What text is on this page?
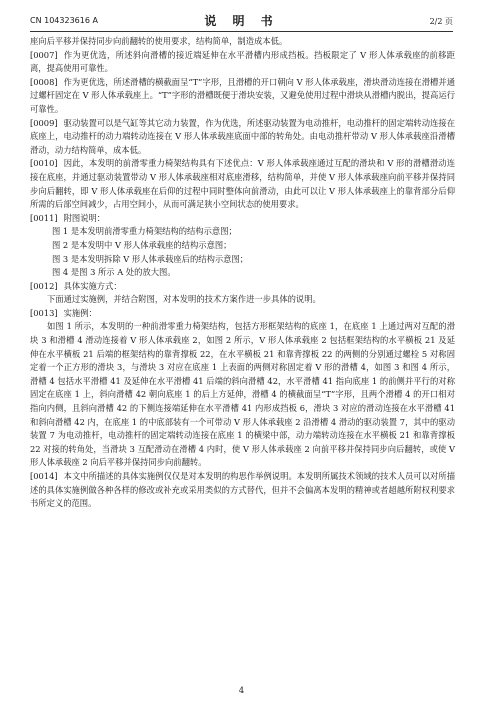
CN 104323616 A	说 明 书	2/2 页

座向后平移并保持同步向前翻转的使用要求，结构简单，制造成本低。

[0007] 作为更优选，所述斜向滑槽的接近端延伸在水平滑槽内形成挡板。挡板限定了 V 形人体承载座的前移距离，提高使用可靠性。

[0008] 作为更优选，所述滑槽的横截面呈“T”字形，且滑槽的开口朝向 V 形人体承载座，滑块滑动连接在滑槽并通过螺杆固定在 V 形人体承载座上。“T”字形的滑槽既便于滑块安装，又避免使用过程中滑块从滑槽内脱出，提高运行可靠性。

[0009] 驱动装置可以是气缸等其它动力装置，作为优选，所述驱动装置为电动推杆，电动推杆的固定端转动连接在底座上，电动推杆的动力端转动连接在 V 形人体承载座底面中部的转角处。由电动推杆带动 V 形人体承载座沿滑槽滑动，动力结构简单，成本低。

[0010] 因此，本发明的前滑零重力椅架结构具有下述优点：V 形人体承载座通过互配的滑块和 V 形的滑槽滑动连接在底座，并通过驱动装置带动 V 形人体承载座相对底座滑移，结构简单，并使 V 形人体承载座向前平移并保持同步向后翻转，即 V 形人体承载座在后仰的过程中同时整体向前滑动，由此可以让 V 形人体承载座上的靠背部分后仰所需的后部空间减少，占用空间小，从而可满足狭小空间状态的使用要求。

[0011] 附图说明：

图 1 是本发明前滑零重力椅架结构的结构示意图；

图 2 是本发明中 V 形人体承载座的结构示意图；

图 3 是本发明拆除 V 形人体承载座后的结构示意图；

图 4 是图 3 所示 A 处的放大图。

[0012] 具体实施方式：

下面通过实施例，并结合附图，对本发明的技术方案作进一步具体的说明。

[0013] 实施例：

如图 1 所示，本发明的一种前滑零重力椅架结构，包括方形框架结构的底座 1，在底座 1 上通过两对互配的滑块 3 和滑槽 4 滑动连接着 V 形人体承载座 2，如图 2 所示，V 形人体承载座 2 包括框架结构的水平横板 21 及延伸在水平横板 21 后端的框架结构的靠背撑板 22，在水平横板 21 和靠背撑板 22 的两侧的分别通过螺栓 5 对称固定着一个正方形的滑块 3，与滑块 3 对应在底座 1 上表面的两侧对称固定着 V 形的滑槽 4，如图 3 和图 4 所示，滑槽 4 包括水平滑槽 41 及延伸在水平滑槽 41 后端的斜向滑槽 42，水平滑槽 41 指向底座 1 的前侧并平行的对称固定在底座 1 上，斜向滑槽 42 朝向底座 1 的后上方延伸，滑槽 4 的横截面呈“T”字形，且两个滑槽 4 的开口相对指向内侧，且斜向滑槽 42 的下侧连接端延伸在水平滑槽 41 内形成挡板 6，滑块 3 对应的滑动连接在水平滑槽 41 和斜向滑槽 42 内，在底座 1 的中底部装有一个可带动 V 形人体承载座 2 沿滑槽 4 滑动的驱动装置 7，其中的驱动装置 7 为电动推杆，电动推杆的固定端转动连接在底座 1 的横梁中部，动力端转动连接在水平横板 21 和靠背撑板 22 对接的转角处，当滑块 3 互配滑动在滑槽 4 内时，使 V 形人体承载座 2 向前平移并保持同步向后翻转，或使 V 形人体承载座 2 向后平移并保持同步向前翻转。

[0014] 本文中所描述的具体实施例仅仅是对本发明的构思作举例说明。本发明所属技术领域的技术人员可以对所描述的具体实施例做各种各样的修改或补充或采用类似的方式替代，但并不会偏离本发明的精神或者超越所附权利要求书所定义的范围。

4
